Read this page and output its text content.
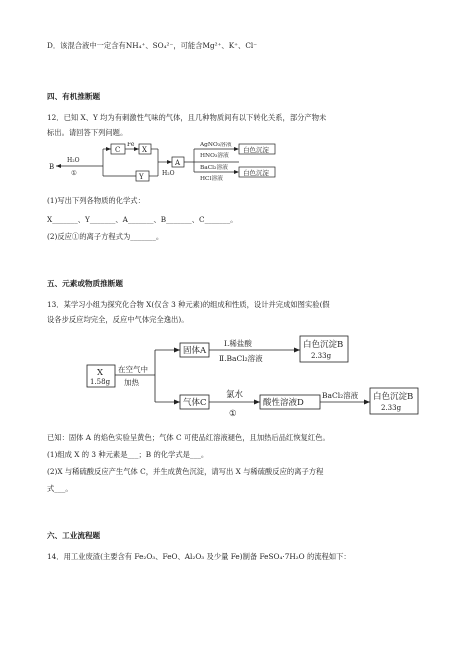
D．该混合液中一定含有NH₄⁺、SO₄²⁻，可能含Mg²⁺、K⁺、Cl⁻
四、有机推断题
12．已知 X、Y 均为有刺激性气味的气体，且几种物质间有以下转化关系，部分产物未
标出。请回答下列问题。
B
H₂O
①
C
Fe
X
Y
A
H₂O
AgNO₃溶液
HNO₃溶液
BaCl₂溶液
HCl溶液
白色沉淀
白色沉淀
(1)写出下列各物质的化学式：
X_______、Y_______、A_______、B_______、C_______。
(2)反应①的离子方程式为_______。
五、元素或物质推断题
13．某学习小组为探究化合物 X(仅含 3 种元素)的组成和性质，设计并完成如图实验(假
设各步反应均完全，反应中气体完全逸出)。
X
1.58g
在空气中
加热
固体A
Ⅰ.稀盐酸
Ⅱ.BaCl₂溶液
白色沉淀B
2.33g
气体C
氯水
①
酸性溶液D
BaCl₂溶液 白色沉淀B
2.33g
已知：固体 A 的焰色实验呈黄色；气体 C 可使品红溶液褪色，且加热后品红恢复红色。
(1)组成 X 的 3 种元素是___；B 的化学式是___。
(2)X 与稀硫酸反应产生气体 C，并生成黄色沉淀，请写出 X 与稀硫酸反应的离子方程
式___。
六、工业流程题
14．用工业废渣(主要含有 Fe₂O₃、FeO、Al₂O₃ 及少量 Fe)制备 FeSO₄·7H₂O 的流程如下：
